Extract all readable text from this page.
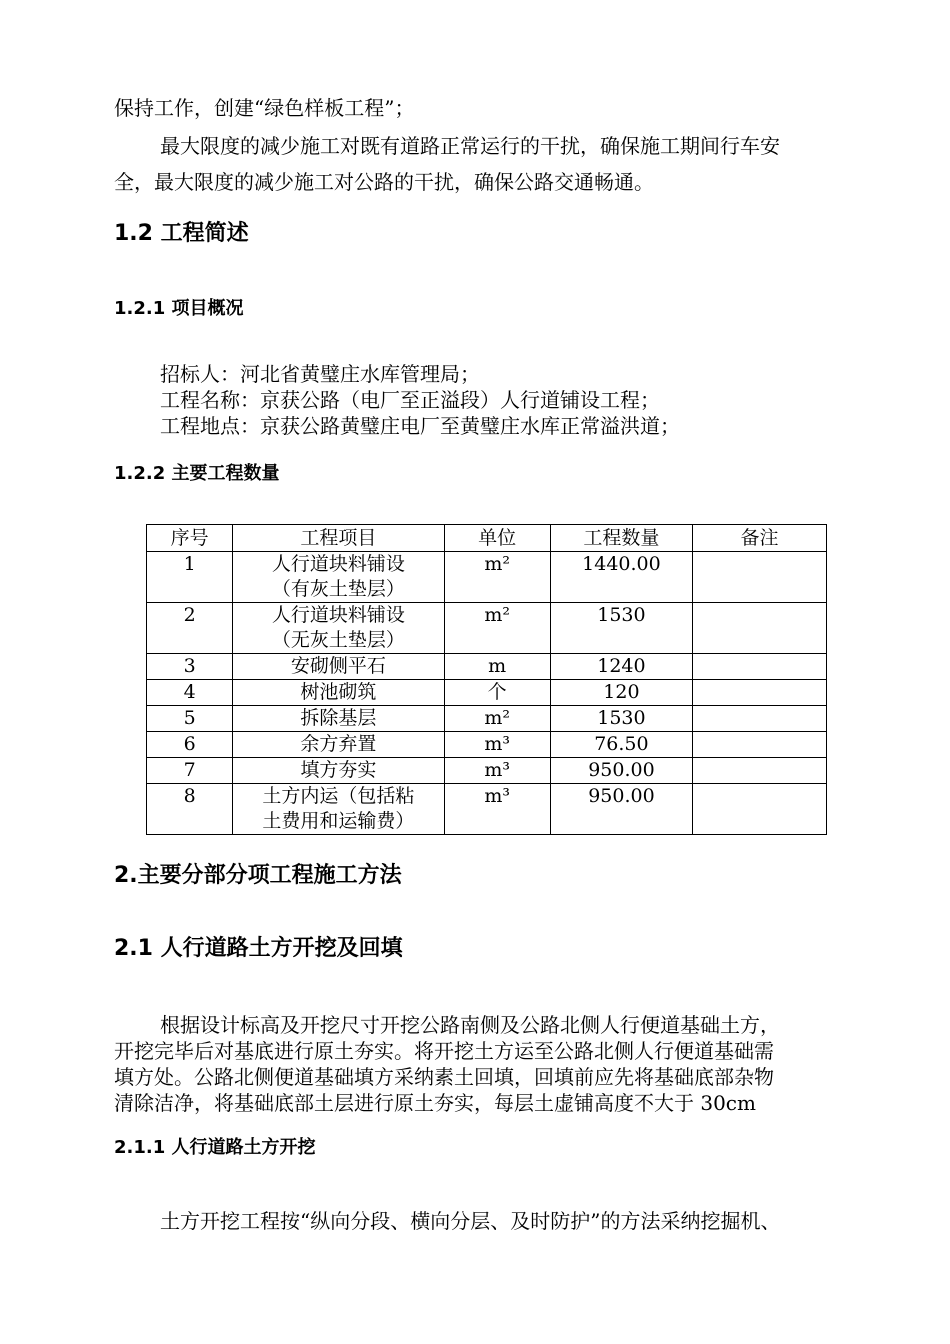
保持工作，创建“绿色样板工程”；
最大限度的减少施工对既有道路正常运行的干扰，确保施工期间行车安
全，最大限度的减少施工对公路的干扰，确保公路交通畅通。
1.2 工程简述
1.2.1 项目概况
招标人：河北省黄璧庄水库管理局；
工程名称：京获公路（电厂至正溢段）人行道铺设工程；
工程地点：京获公路黄璧庄电厂至黄璧庄水库正常溢洪道；
1.2.2 主要工程数量
序号	工程项目	单位	工程数量	备注
1	人行道块料铺设
（有灰土垫层）	m²	1440.00	
2	人行道块料铺设
（无灰土垫层）	m²	1530	
3	安砌侧平石	m	1240	
4	树池砌筑	个	120	
5	拆除基层	m²	1530	
6	余方弃置	m³	76.50	
7	填方夯实	m³	950.00	
8	土方内运（包括粘
土费用和运输费）	m³	950.00	
2.主要分部分项工程施工方法
2.1 人行道路土方开挖及回填
根据设计标高及开挖尺寸开挖公路南侧及公路北侧人行便道基础土方，
开挖完毕后对基底进行原土夯实。将开挖土方运至公路北侧人行便道基础需
填方处。公路北侧便道基础填方采纳素土回填，回填前应先将基础底部杂物
清除洁净，将基础底部土层进行原土夯实，每层土虚铺高度不大于 30cm
2.1.1 人行道路土方开挖
土方开挖工程按“纵向分段、横向分层、及时防护”的方法采纳挖掘机、
